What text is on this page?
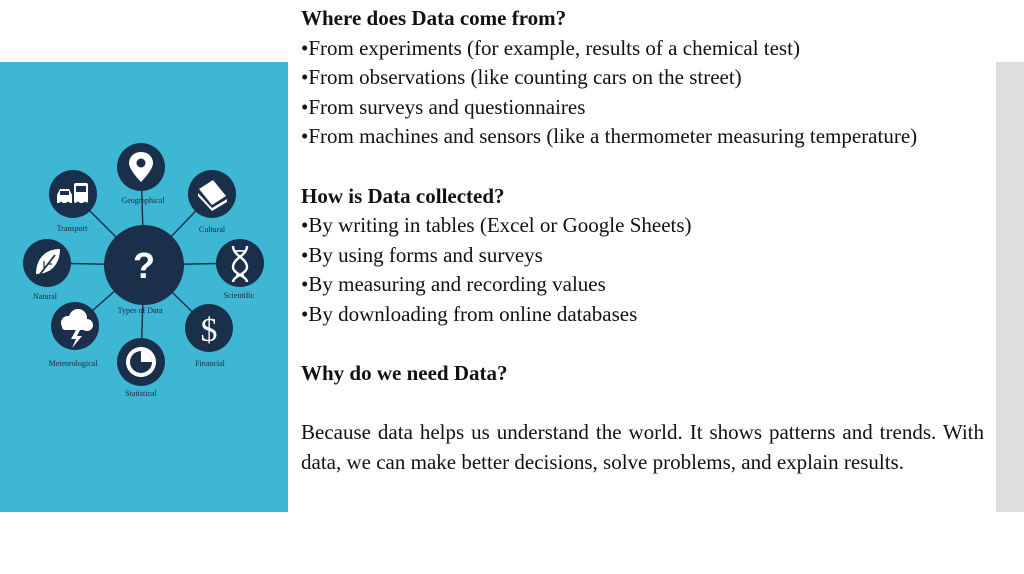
?
Types of Data
Geographical
Cultural
Scientific
$
Financial
Statistical
Meteorological
Natural
Transport

Where does Data come from?

•From experiments (for example, results of a chemical test)

•From observations (like counting cars on the street)

•From surveys and questionnaires

•From machines and sensors (like a thermometer measuring temperature)

How is Data collected?

•By writing in tables (Excel or Google Sheets)

•By using forms and surveys

•By measuring and recording values

•By downloading from online databases

Why do we need Data?

Because data helps us understand the world. It shows patterns and trends. With data, we can make better decisions, solve problems, and explain results.
